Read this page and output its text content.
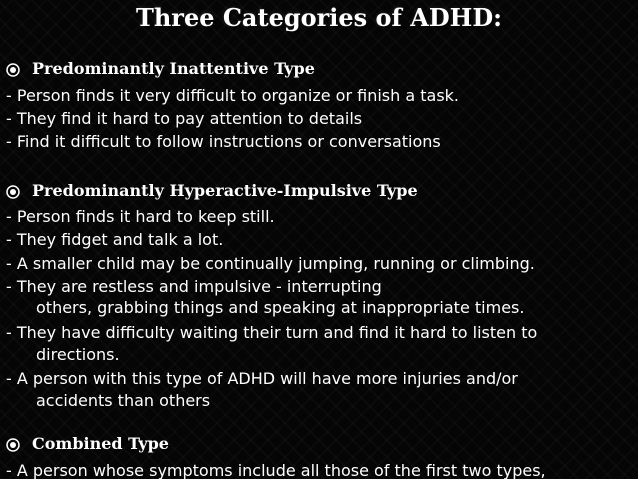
Three Categories of ADHD:
Predominantly Inattentive Type
- Person finds it very difficult to organize or finish a task.
- They find it hard to pay attention to details
- Find it difficult to follow instructions or conversations
Predominantly Hyperactive-Impulsive Type
- Person finds it hard to keep still.
- They fidget and talk a lot.
- A smaller child may be continually jumping, running or climbing.
- They are restless and impulsive - interrupting
others, grabbing things and speaking at inappropriate times.
- They have difficulty waiting their turn and find it hard to listen to
directions.
- A person with this type of ADHD will have more injuries and/or
accidents than others
Combined Type
- A person whose symptoms include all those of the first two types,
